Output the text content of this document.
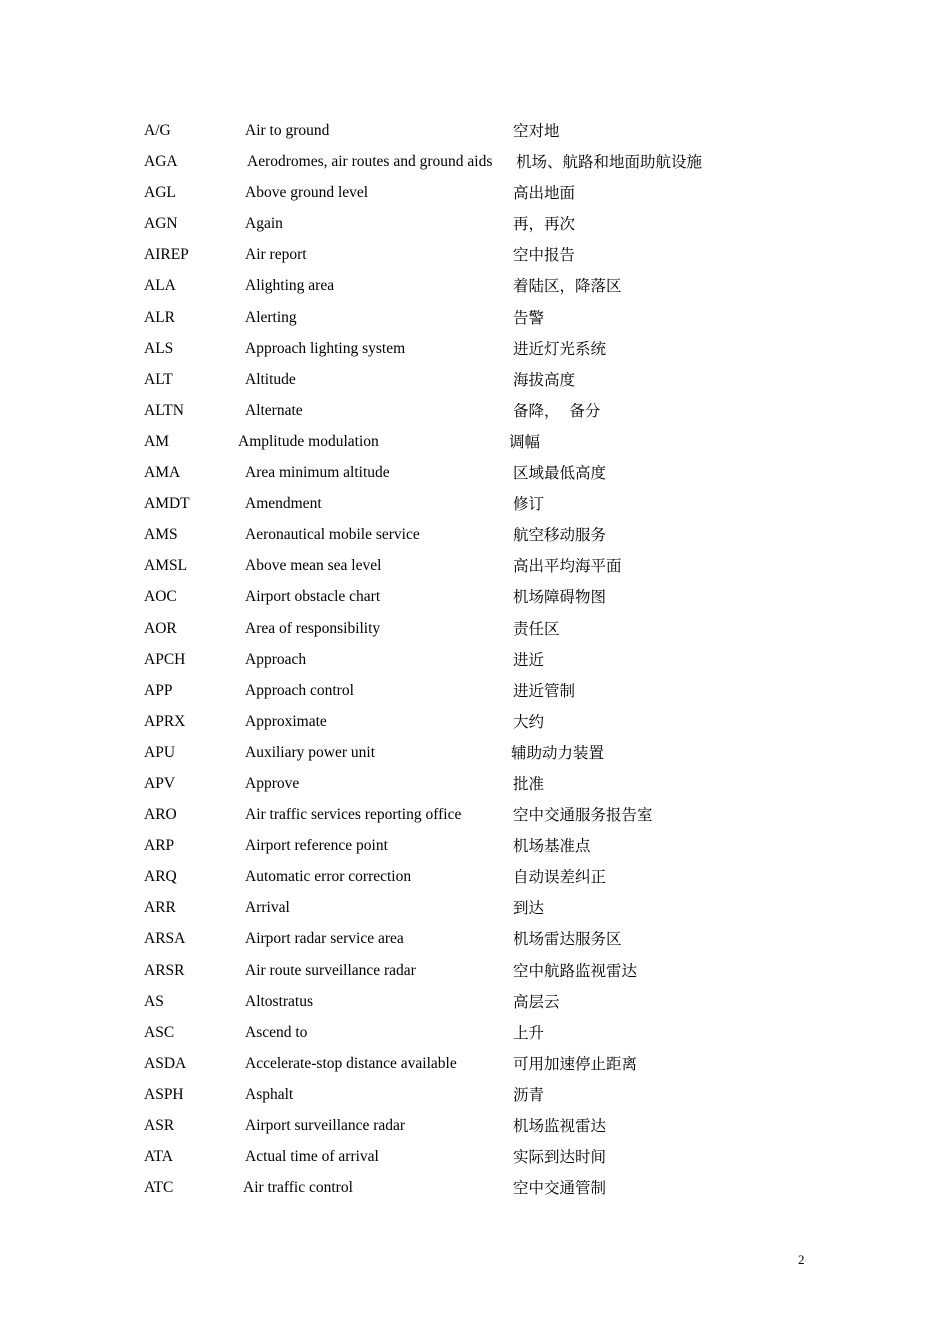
A/G	Air to ground	空对地
AGA	Aerodromes, air routes and ground aids 机场、航路和地面助航设施
AGL	Above ground level	高出地面
AGN	Again	再，再次
AIREP	Air report	空中报告
ALA	Alighting area	着陆区，降落区
ALR	Alerting	告警
ALS	Approach lighting system	进近灯光系统
ALT	Altitude	海拔高度
ALTN	Alternate	备降，  备分
AM	Amplitude modulation	调幅
AMA	Area minimum altitude	区域最低高度
AMDT	Amendment	修订
AMS	Aeronautical mobile service	航空移动服务
AMSL	Above mean sea level	高出平均海平面
AOC	Airport obstacle chart	机场障碍物图
AOR	Area of responsibility	责任区
APCH	Approach	进近
APP	Approach control	进近管制
APRX	Approximate	大约
APU	Auxiliary power unit	辅助动力装置
APV	Approve	批准
ARO	Air traffic services reporting office	空中交通服务报告室
ARP	Airport reference point	机场基准点
ARQ	Automatic error correction	自动误差纠正
ARR	Arrival	到达
ARSA	Airport radar service area	机场雷达服务区
ARSR	Air route surveillance radar	空中航路监视雷达
AS	Altostratus	高层云
ASC	Ascend to	上升
ASDA	Accelerate-stop distance available	可用加速停止距离
ASPH	Asphalt	沥青
ASR	Airport surveillance radar	机场监视雷达
ATA	Actual time of arrival	实际到达时间
ATC	Air traffic control	空中交通管制
2
